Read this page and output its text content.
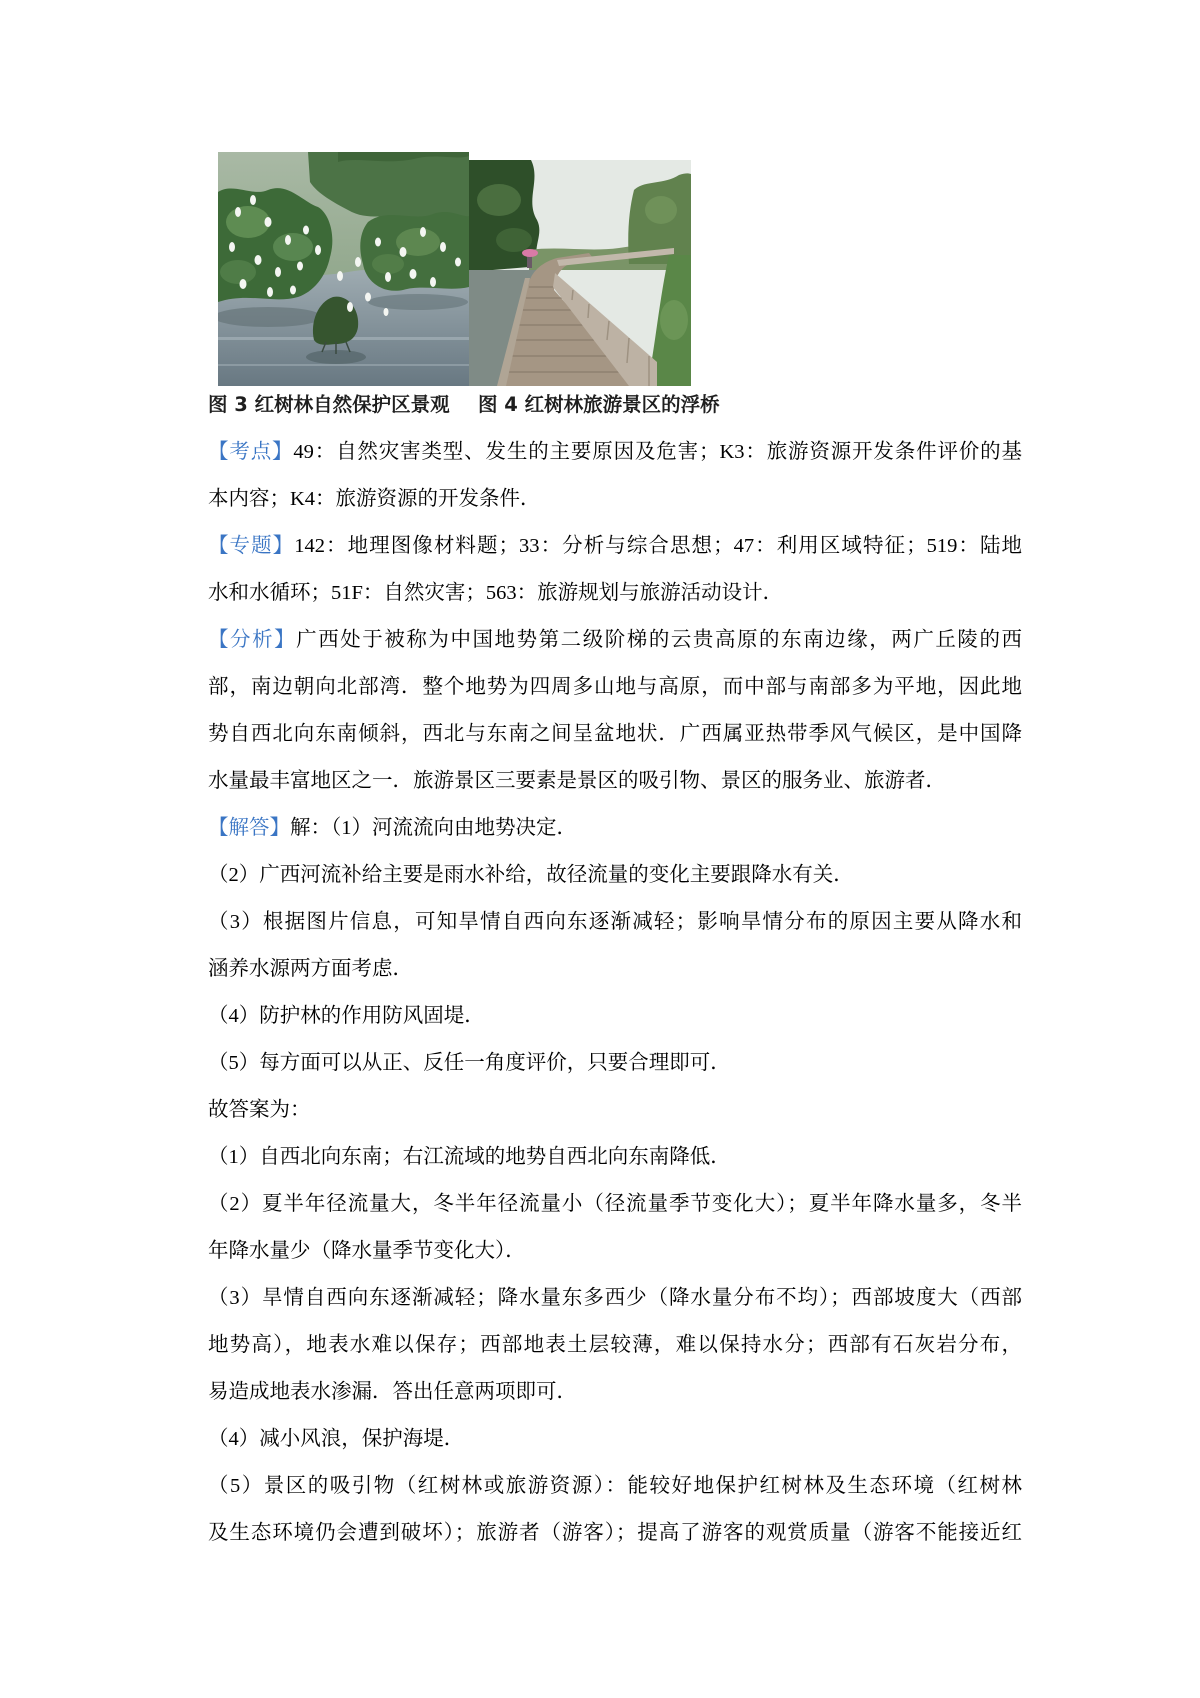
图 3 红树林自然保护区景观 图 4 红树林旅游景区的浮桥
【考点】49：自然灾害类型、发生的主要原因及危害；K3：旅游资源开发条件评价的基
本内容；K4：旅游资源的开发条件．
【专题】142：地理图像材料题；33：分析与综合思想；47：利用区域特征；519：陆地
水和水循环；51F：自然灾害；563：旅游规划与旅游活动设计．
【分析】广西处于被称为中国地势第二级阶梯的云贵高原的东南边缘，两广丘陵的西
部，南边朝向北部湾．整个地势为四周多山地与高原，而中部与南部多为平地，因此地
势自西北向东南倾斜，西北与东南之间呈盆地状．广西属亚热带季风气候区，是中国降
水量最丰富地区之一．旅游景区三要素是景区的吸引物、景区的服务业、旅游者．
【解答】解：（1）河流流向由地势决定．
（2）广西河流补给主要是雨水补给，故径流量的变化主要跟降水有关．
（3）根据图片信息，可知旱情自西向东逐渐减轻；影响旱情分布的原因主要从降水和
涵养水源两方面考虑．
（4）防护林的作用防风固堤．
（5）每方面可以从正、反任一角度评价，只要合理即可．
故答案为：
（1）自西北向东南；右江流域的地势自西北向东南降低．
（2）夏半年径流量大，冬半年径流量小（径流量季节变化大）；夏半年降水量多，冬半
年降水量少（降水量季节变化大）．
（3）旱情自西向东逐渐减轻；降水量东多西少（降水量分布不均）；西部坡度大（西部
地势高），地表水难以保存；西部地表土层较薄，难以保持水分；西部有石灰岩分布，
易造成地表水渗漏．答出任意两项即可．
（4）减小风浪，保护海堤．
（5）景区的吸引物（红树林或旅游资源）：能较好地保护红树林及生态环境（红树林
及生态环境仍会遭到破坏）；旅游者（游客）；提高了游客的观赏质量（游客不能接近红
